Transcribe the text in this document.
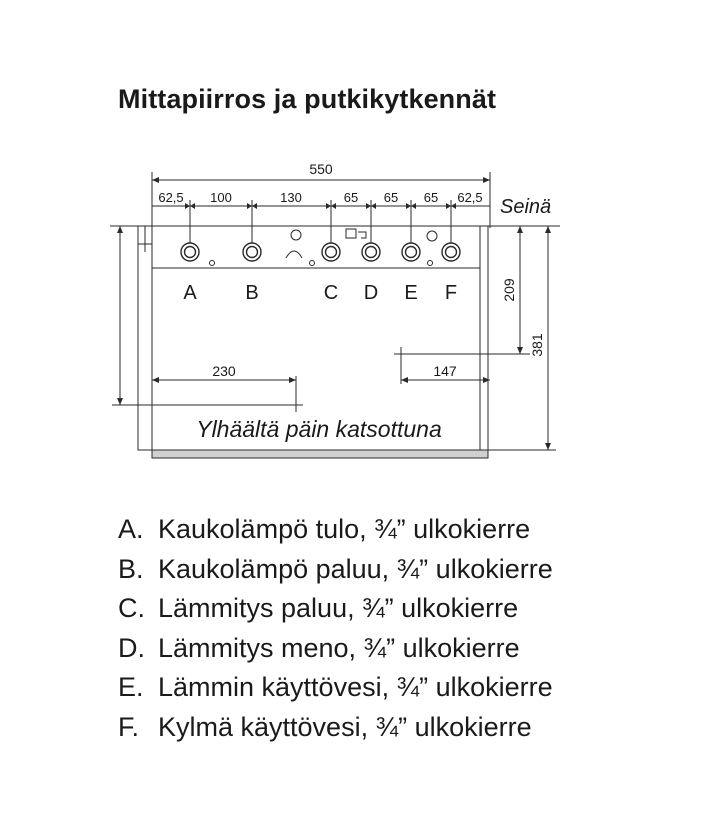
Mittapiirros ja putkikytkennät
550
62,5 100	130	65 65 65 62,5 Seinä
A B	C D E F
230	147
209
381
Ylhäältä päin katsottuna
A. Kaukolämpö tulo, ¾” ulkokierre
B. Kaukolämpö paluu, ¾” ulkokierre
C. Lämmitys paluu, ¾” ulkokierre
D. Lämmitys meno, ¾” ulkokierre
E. Lämmin käyttövesi, ¾” ulkokierre
F. Kylmä käyttövesi, ¾” ulkokierre
